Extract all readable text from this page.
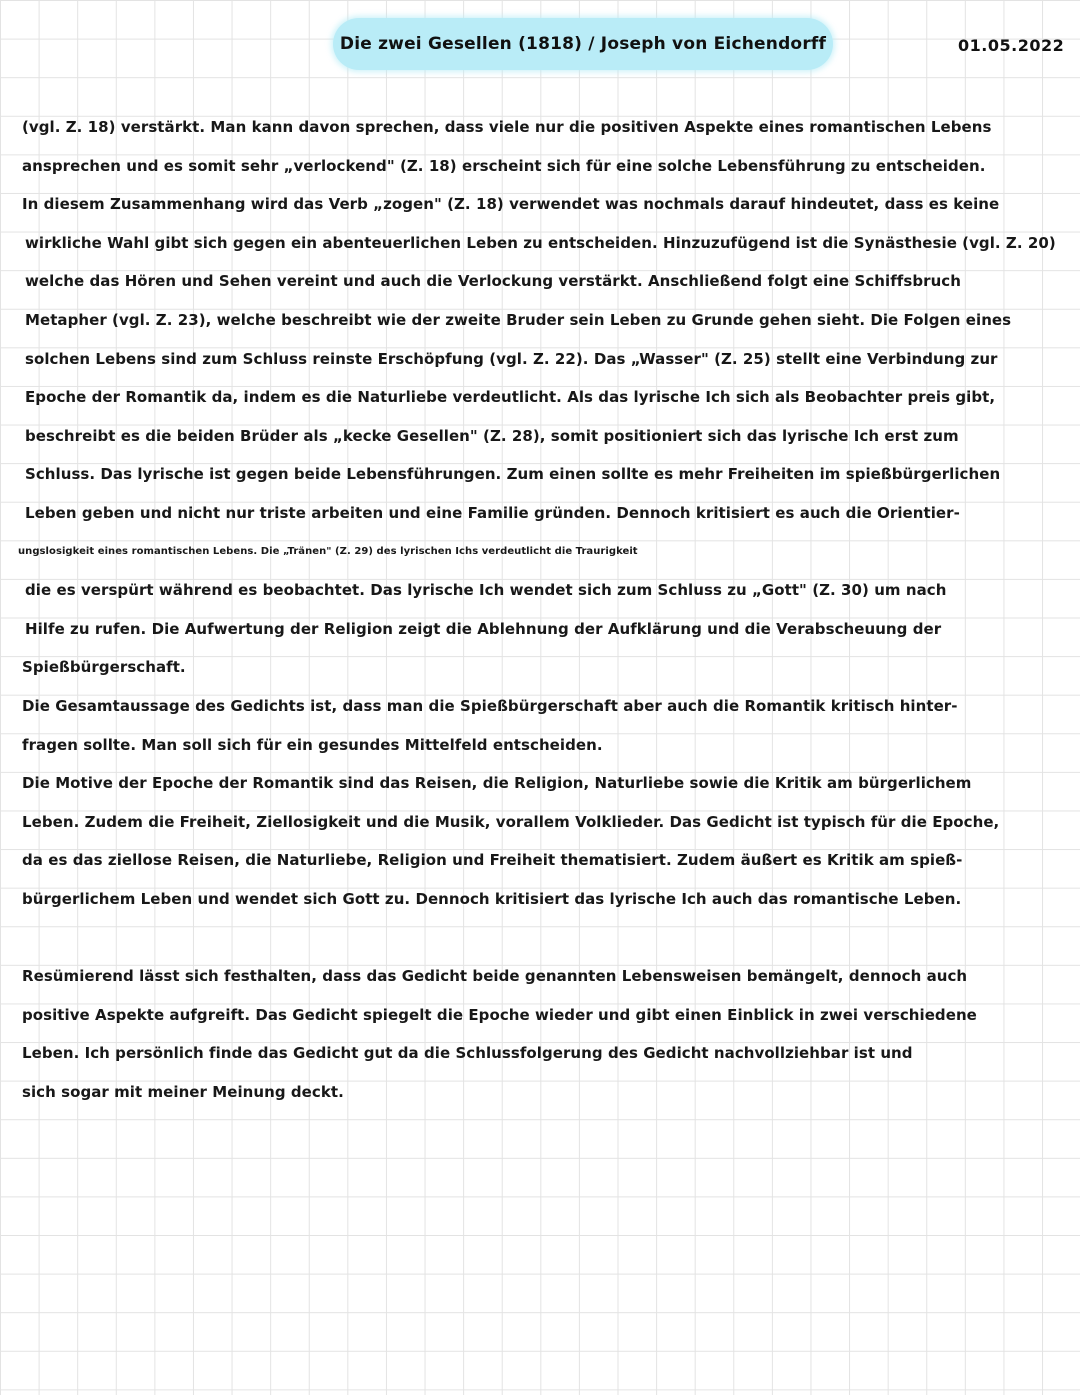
Die zwei Gesellen (1818) / Joseph von Eichendorff	01.05.2022
(vgl. Z. 18) verstärkt. Man kann davon sprechen, dass viele nur die positiven Aspekte eines romantischen Lebens
ansprechen und es somit sehr „verlockend" (Z. 18) erscheint sich für eine solche Lebensführung zu entscheiden.
In diesem Zusammenhang wird das Verb „zogen" (Z. 18) verwendet was nochmals darauf hindeutet, dass es keine
wirkliche Wahl gibt sich gegen ein abenteuerlichen Leben zu entscheiden. Hinzuzufügend ist die Synästhesie (vgl. Z. 20)
welche das Hören und Sehen vereint und auch die Verlockung verstärkt. Anschließend folgt eine Schiffsbruch
Metapher (vgl. Z. 23), welche beschreibt wie der zweite Bruder sein Leben zu Grunde gehen sieht. Die Folgen eines
solchen Lebens sind zum Schluss reinste Erschöpfung (vgl. Z. 22). Das „Wasser" (Z. 25) stellt eine Verbindung zur
Epoche der Romantik da, indem es die Naturliebe verdeutlicht. Als das lyrische Ich sich als Beobachter preis gibt,
beschreibt es die beiden Brüder als „kecke Gesellen" (Z. 28), somit positioniert sich das lyrische Ich erst zum
Schluss. Das lyrische ist gegen beide Lebensführungen. Zum einen sollte es mehr Freiheiten im spießbürgerlichen
Leben geben und nicht nur triste arbeiten und eine Familie gründen. Dennoch kritisiert es auch die Orientier-
ungslosigkeit eines romantischen Lebens. Die „Tränen" (Z. 29) des lyrischen Ichs verdeutlicht die Traurigkeit
die es verspürt während es beobachtet. Das lyrische Ich wendet sich zum Schluss zu „Gott" (Z. 30) um nach
Hilfe zu rufen. Die Aufwertung der Religion zeigt die Ablehnung der Aufklärung und die Verabscheuung der
Spießbürgerschaft.
Die Gesamtaussage des Gedichts ist, dass man die Spießbürgerschaft aber auch die Romantik kritisch hinter-
fragen sollte. Man soll sich für ein gesundes Mittelfeld entscheiden.
Die Motive der Epoche der Romantik sind das Reisen, die Religion, Naturliebe sowie die Kritik am bürgerlichem
Leben. Zudem die Freiheit, Ziellosigkeit und die Musik, vorallem Volklieder. Das Gedicht ist typisch für die Epoche,
da es das ziellose Reisen, die Naturliebe, Religion und Freiheit thematisiert. Zudem äußert es Kritik am spieß-
bürgerlichem Leben und wendet sich Gott zu. Dennoch kritisiert das lyrische Ich auch das romantische Leben.
Resümierend lässt sich festhalten, dass das Gedicht beide genannten Lebensweisen bemängelt, dennoch auch
positive Aspekte aufgreift. Das Gedicht spiegelt die Epoche wieder und gibt einen Einblick in zwei verschiedene
Leben. Ich persönlich finde das Gedicht gut da die Schlussfolgerung des Gedicht nachvollziehbar ist und
sich sogar mit meiner Meinung deckt.
